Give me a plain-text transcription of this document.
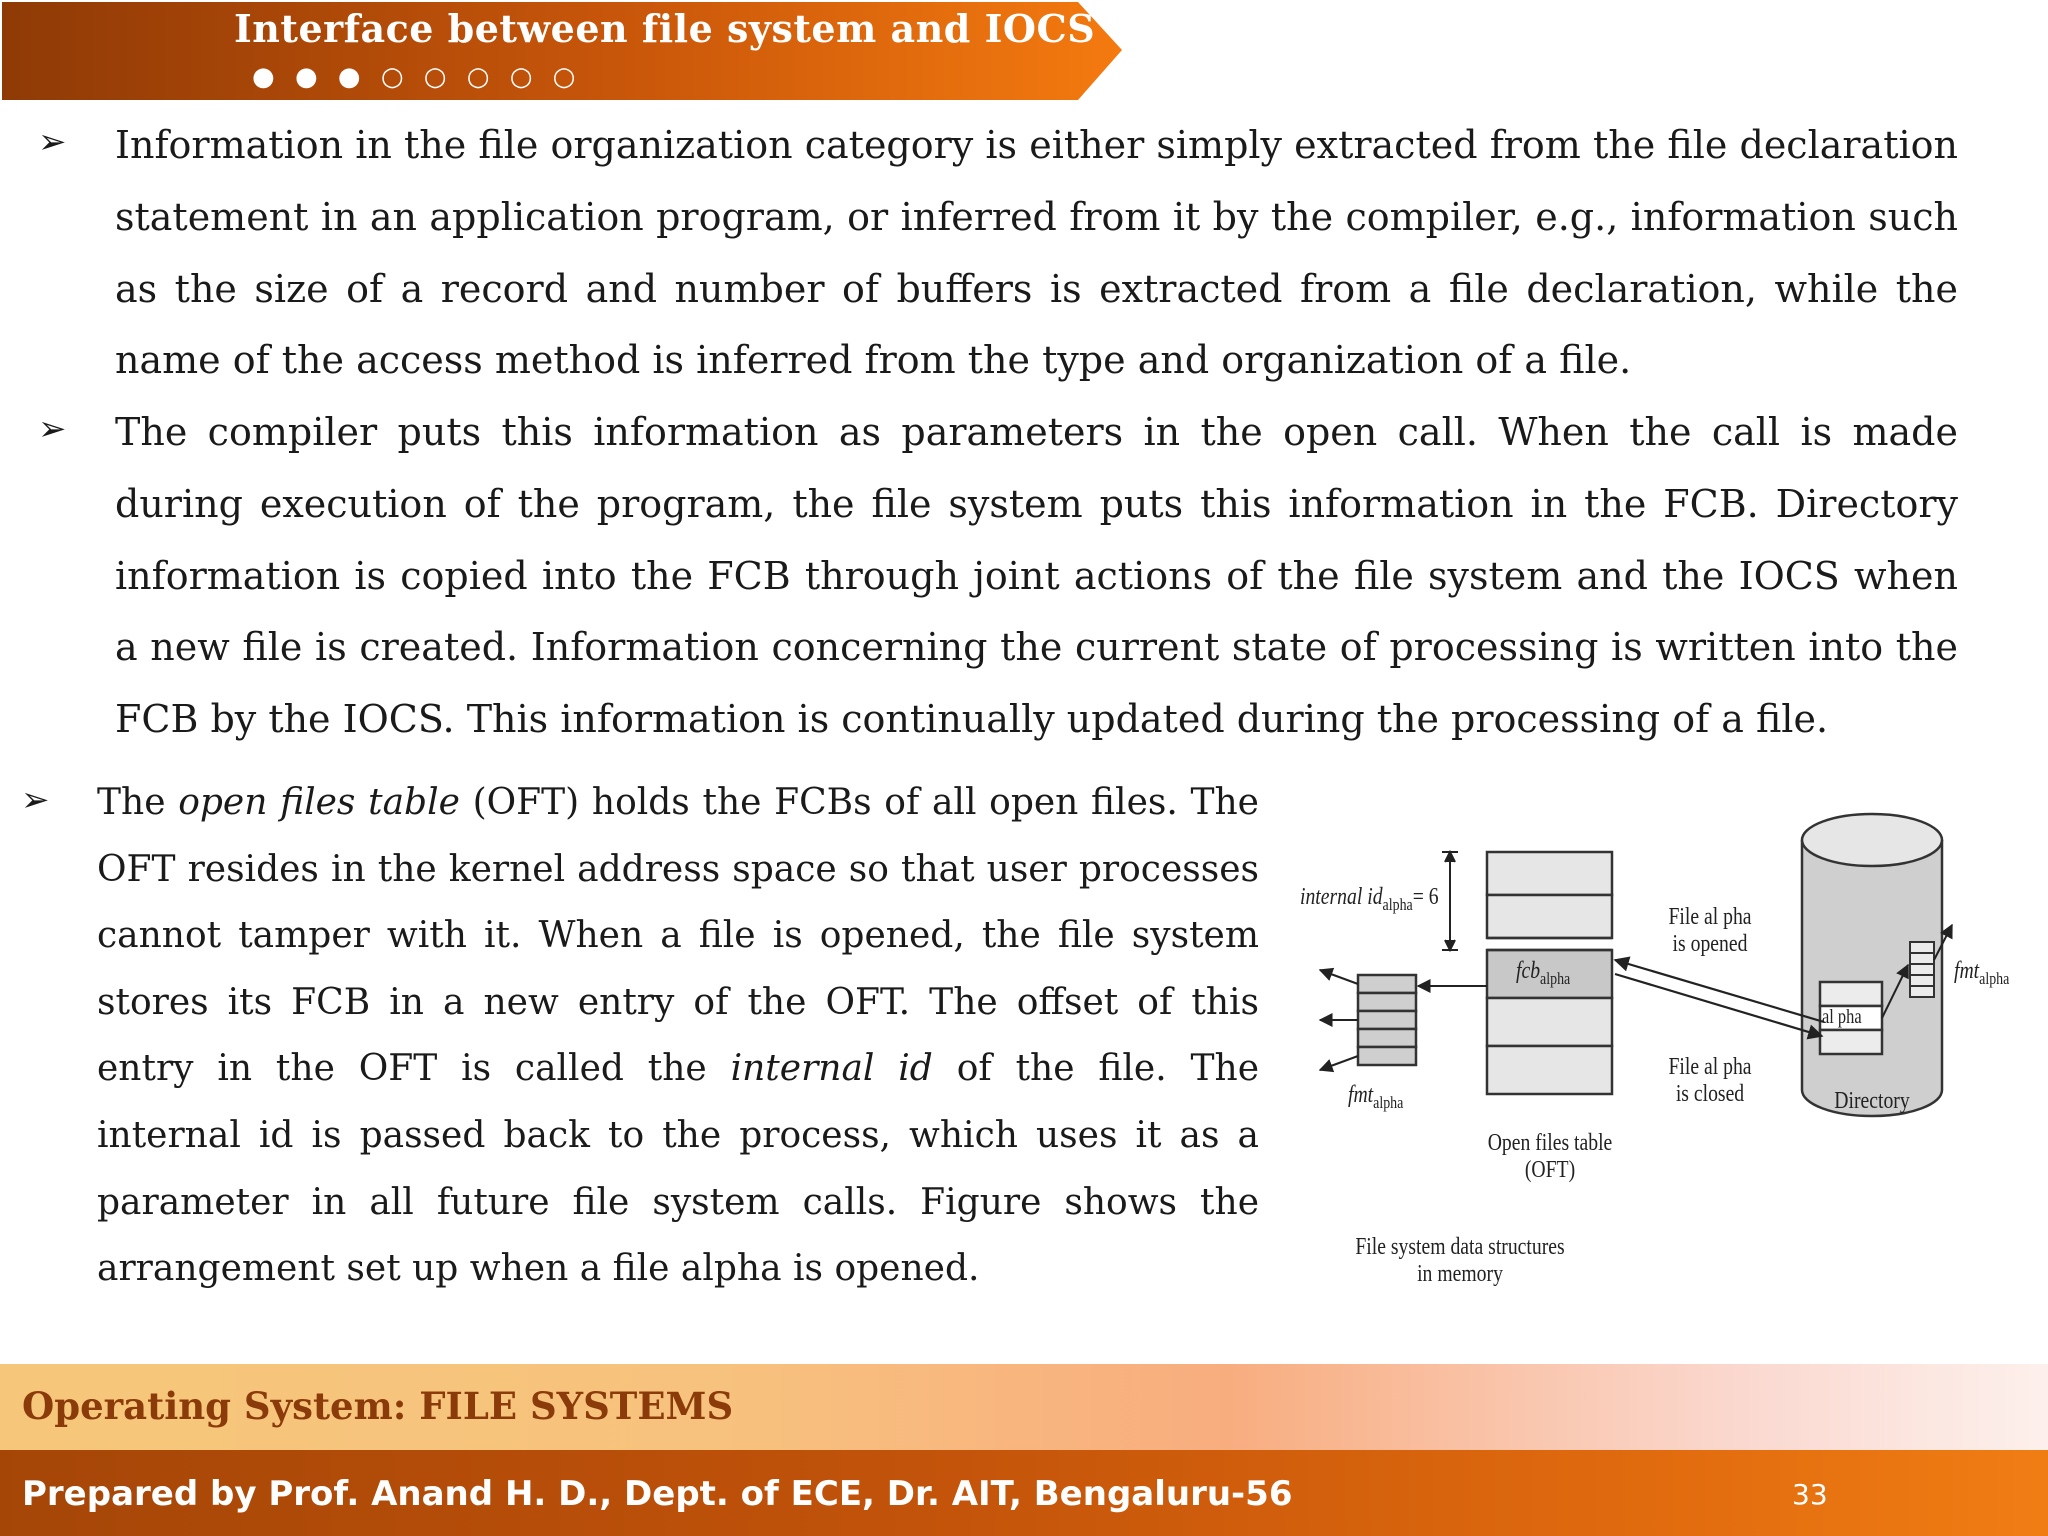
Interface between file system and IOCS
● ● ● ○ ○ ○ ○ ○
➢ Information in the file organization category is either simply extracted from the file declaration statement in an application program, or inferred from it by the compiler, e.g., information such as the size of a record and number of buffers is extracted from a file declaration, while the name of the access method is inferred from the type and organization of a file.
➢ The compiler puts this information as parameters in the open call. When the call is made during execution of the program, the file system puts this information in the FCB. Directory information is copied into the FCB through joint actions of the file system and the IOCS when a new file is created. Information concerning the current state of processing is written into the FCB by the IOCS. This information is continually updated during the processing of a file.
➢ The open files table (OFT) holds the FCBs of all open files. The OFT resides in the kernel address space so that user processes cannot tamper with it. When a file is opened, the file system stores its FCB in a new entry of the OFT. The offset of this entry in the OFT is called the internal id of the file. The internal id is passed back to the process, which uses it as a parameter in all future file system calls. Figure shows the arrangement set up when a file alpha is opened.
internal $id_{alpha}= 6$
fcb$_{alpha}$
fmt$_{alpha}$
fmt$_{alpha}$
File al pha
is opened
File al pha
is closed
al pha
Directory
Open files table
(OFT)
File system data structures
in memory
Operating System: FILE SYSTEMS
Prepared by Prof. Anand H. D., Dept. of ECE, Dr. AIT, Bengaluru-56	33
